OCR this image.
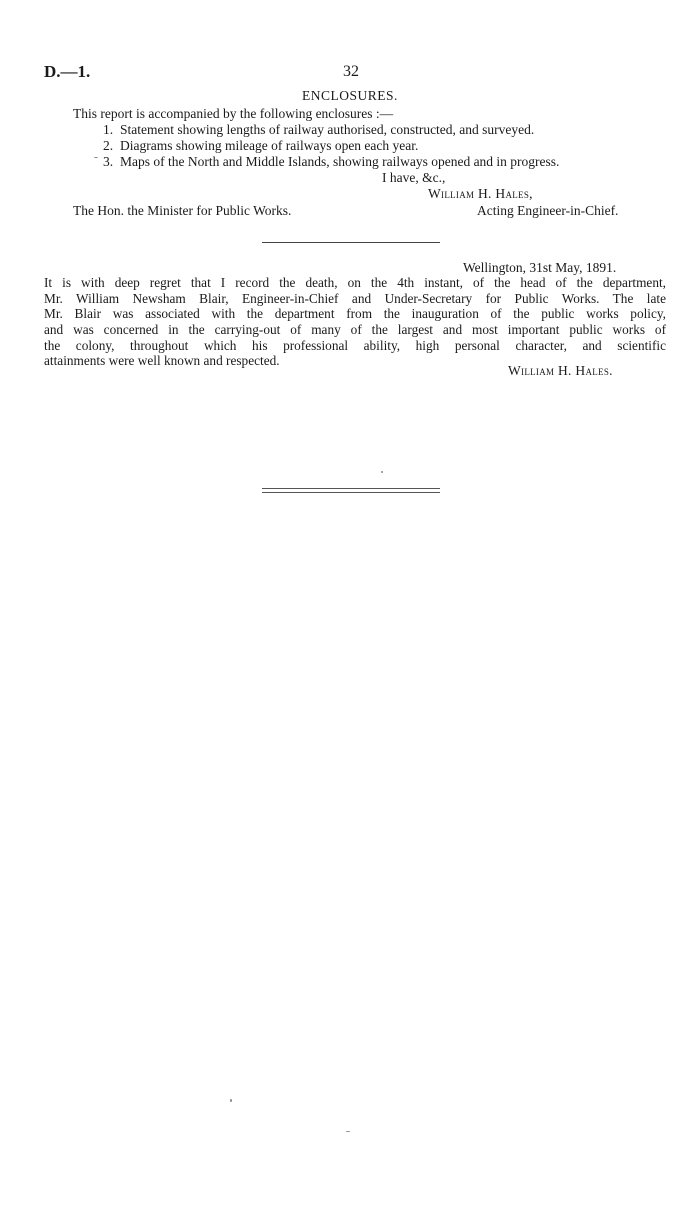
D.—1.	32
ENCLOSURES.
This report is accompanied by the following enclosures :—
1. Statement showing lengths of railway authorised, constructed, and surveyed.
2. Diagrams showing mileage of railways open each year.
3. Maps of the North and Middle Islands, showing railways opened and in progress.
I have, &c.,
William H. Hales,
The Hon. the Minister for Public Works.	Acting Engineer-in-Chief.
Wellington, 31st May, 1891.
It is with deep regret that I record the death, on the 4th instant, of the head of the department,
Mr. William Newsham Blair, Engineer-in-Chief and Under-Secretary for Public Works. The late
Mr. Blair was associated with the department from the inauguration of the public works policy,
and was concerned in the carrying-out of many of the largest and most important public works of
the colony, throughout which his professional ability, high personal character, and scientific
attainments were well known and respected.
William H. Hales.
